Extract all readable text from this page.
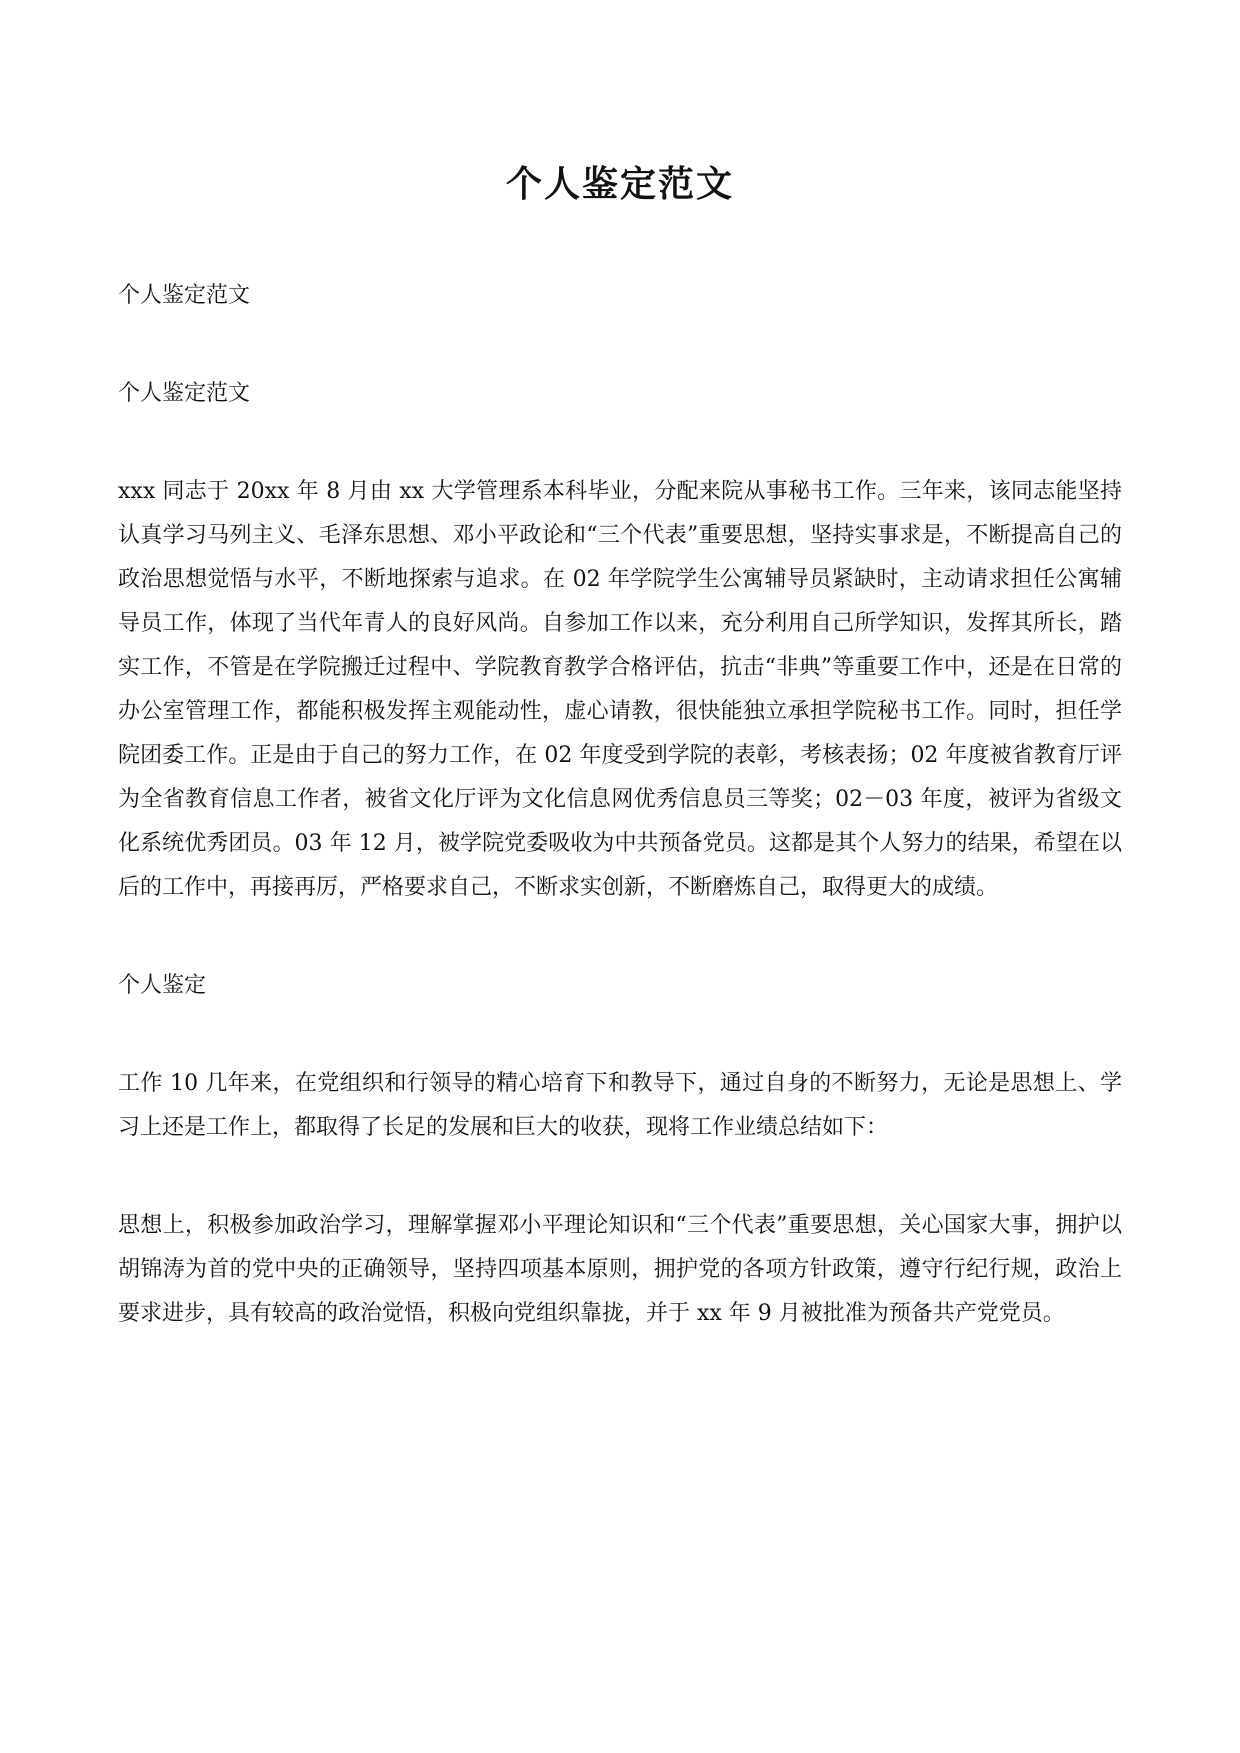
个人鉴定范文

个人鉴定范文

个人鉴定范文

xxx 同志于 20xx 年 8 月由 xx 大学管理系本科毕业，分配来院从事秘书工作。三年来，该同志能坚持认真学习马列主义、毛泽东思想、邓小平政论和“三个代表”重要思想，坚持实事求是，不断提高自己的政治思想觉悟与水平，不断地探索与追求。在 02 年学院学生公寓辅导员紧缺时，主动请求担任公寓辅导员工作，体现了当代年青人的良好风尚。自参加工作以来，充分利用自己所学知识，发挥其所长，踏实工作，不管是在学院搬迁过程中、学院教育教学合格评估，抗击“非典”等重要工作中，还是在日常的办公室管理工作，都能积极发挥主观能动性，虚心请教，很快能独立承担学院秘书工作。同时，担任学院团委工作。正是由于自己的努力工作，在 02 年度受到学院的表彰，考核表扬；02 年度被省教育厅评为全省教育信息工作者，被省文化厅评为文化信息网优秀信息员三等奖；02－03 年度，被评为省级文化系统优秀团员。03 年 12 月，被学院党委吸收为中共预备党员。这都是其个人努力的结果，希望在以后的工作中，再接再厉，严格要求自己，不断求实创新，不断磨炼自己，取得更大的成绩。

个人鉴定

工作 10 几年来，在党组织和行领导的精心培育下和教导下，通过自身的不断努力，无论是思想上、学习上还是工作上，都取得了长足的发展和巨大的收获，现将工作业绩总结如下：

思想上，积极参加政治学习，理解掌握邓小平理论知识和“三个代表”重要思想，关心国家大事，拥护以胡锦涛为首的党中央的正确领导，坚持四项基本原则，拥护党的各项方针政策，遵守行纪行规，政治上要求进步，具有较高的政治觉悟，积极向党组织靠拢，并于 xx 年 9 月被批准为预备共产党党员。
